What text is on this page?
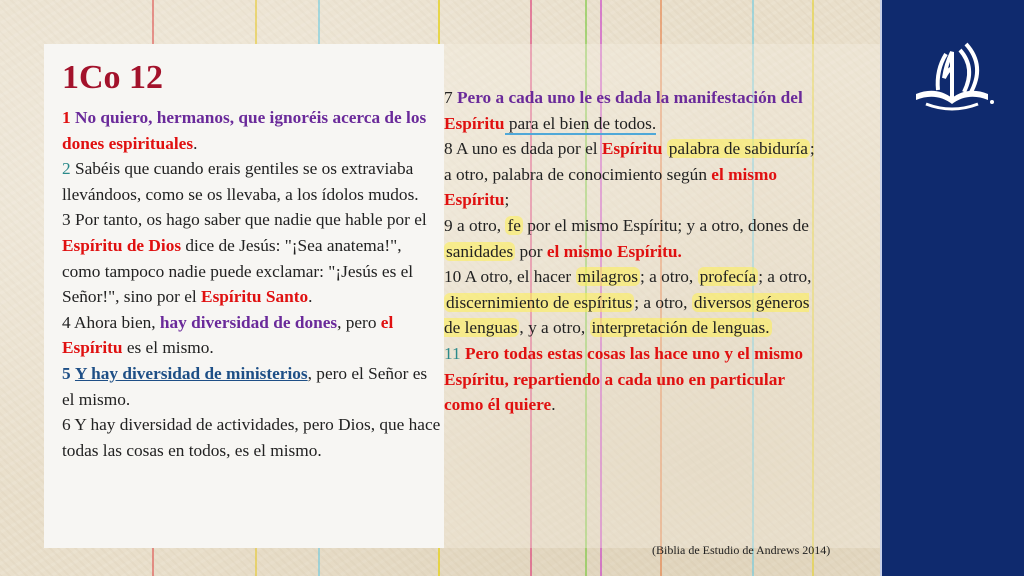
1Co 12

1 No quiero, hermanos, que ignoréis acerca de los dones espirituales.

2 Sabéis que cuando erais gentiles se os extraviaba llevándoos, como se os llevaba, a los ídolos mudos.

3 Por tanto, os hago saber que nadie que hable por el Espíritu de Dios dice de Jesús: "¡Sea anatema!", como tampoco nadie puede exclamar: "¡Jesús es el Señor!", sino por el Espíritu Santo.

4 Ahora bien, hay diversidad de dones, pero el Espíritu es el mismo.

5 Y hay diversidad de ministerios, pero el Señor es el mismo.

6 Y hay diversidad de actividades, pero Dios, que hace todas las cosas en todos, es el mismo.

7 Pero a cada uno le es dada la manifestación del Espíritu para el bien de todos.

8 A uno es dada por el Espíritu palabra de sabiduría ; a otro, palabra de conocimiento según el mismo Espíritu;

9 a otro, fe por el mismo Espíritu; y a otro, dones de sanidades por el mismo Espíritu.

10 A otro, el hacer milagros ; a otro, profecía ; a otro, discernimiento de espíritus ; a otro, diversos géneros de lenguas , y a otro, interpretación de lenguas.

11 Pero todas estas cosas las hace uno y el mismo Espíritu, repartiendo a cada uno en particular como él quiere.

(Biblia de Estudio de Andrews 2014)
